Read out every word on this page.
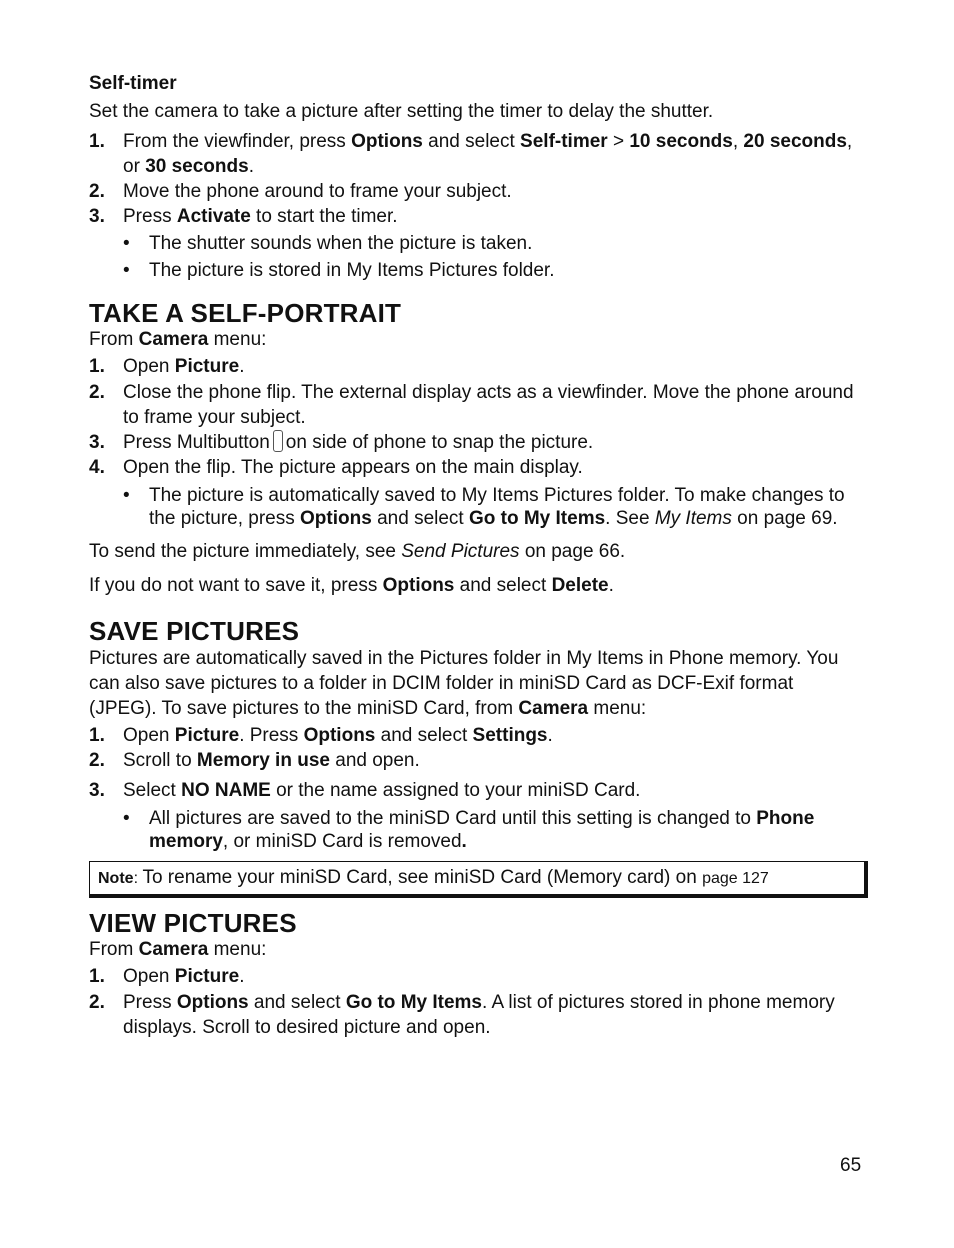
Self-timer

Set the camera to take a picture after setting the timer to delay the shutter.

1. From the viewfinder, press Options and select Self-timer > 10 seconds, 20 seconds, or 30 seconds.
2. Move the phone around to frame your subject.
3. Press Activate to start the timer.
• The shutter sounds when the picture is taken.
• The picture is stored in My Items Pictures folder.
TAKE A SELF-PORTRAIT

From Camera menu:

1. Open Picture.
2. Close the phone flip. The external display acts as a viewfinder. Move the phone around to frame your subject.
3. Press Multibutton on side of phone to snap the picture.
4. Open the flip. The picture appears on the main display.
• The picture is automatically saved to My Items Pictures folder. To make changes to the picture, press Options and select Go to My Items. See My Items on page 69.

To send the picture immediately, see Send Pictures on page 66.

If you do not want to save it, press Options and select Delete.

SAVE PICTURES

Pictures are automatically saved in the Pictures folder in My Items in Phone memory. You can also save pictures to a folder in DCIM folder in miniSD Card as DCF-Exif format (JPEG). To save pictures to the miniSD Card, from Camera menu:

1. Open Picture. Press Options and select Settings.
2. Scroll to Memory in use and open.
3. Select NO NAME or the name assigned to your miniSD Card.
• All pictures are saved to the miniSD Card until this setting is changed to Phone memory, or miniSD Card is removed.
Note: To rename your miniSD Card, see miniSD Card (Memory card) on page 127
VIEW PICTURES

From Camera menu:

1. Open Picture.
2. Press Options and select Go to My Items. A list of pictures stored in phone memory displays. Scroll to desired picture and open.
65
